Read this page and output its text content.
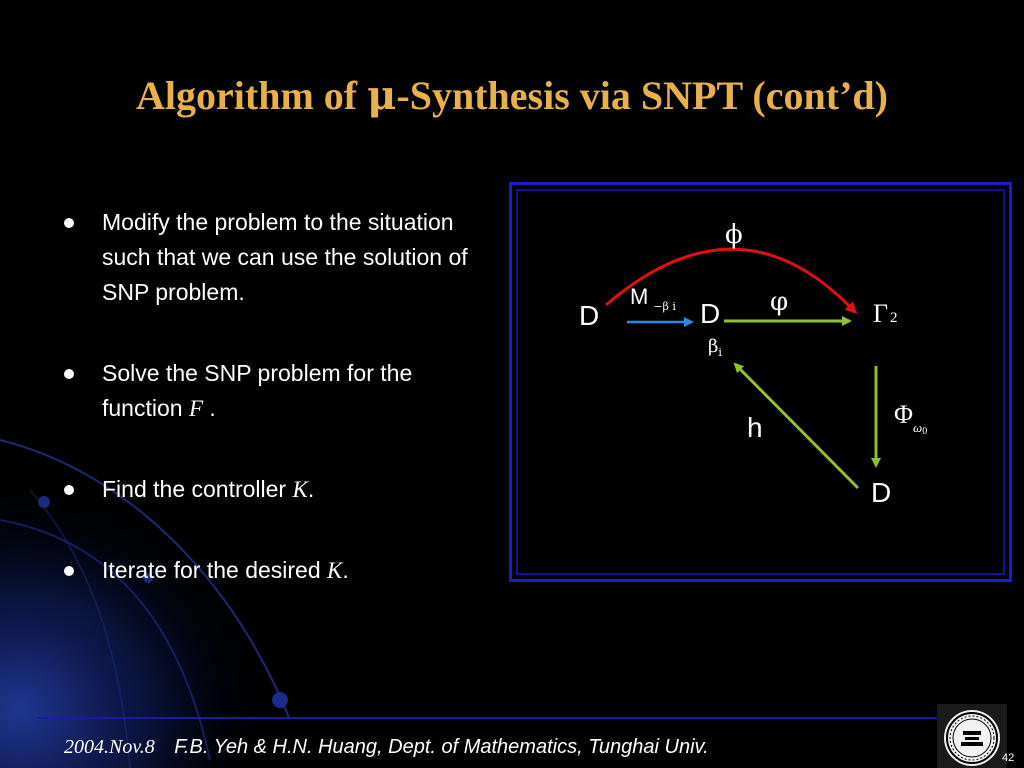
Algorithm of μ-Synthesis via SNPT (cont’d)
Modify the problem to the situation such that we can use the solution of SNP problem.
Solve the SNP problem for the function F .
Find the controller K.
Iterate for the desired K.
D	D	Γ 2
D
ϕ
M $_{-\beta i}$	φ
$\beta_i$
h	$\Phi_\omega 0$
2004.Nov.8 F.B. Yeh & H.N. Huang, Dept. of Mathematics, Tunghai Univ.	42
